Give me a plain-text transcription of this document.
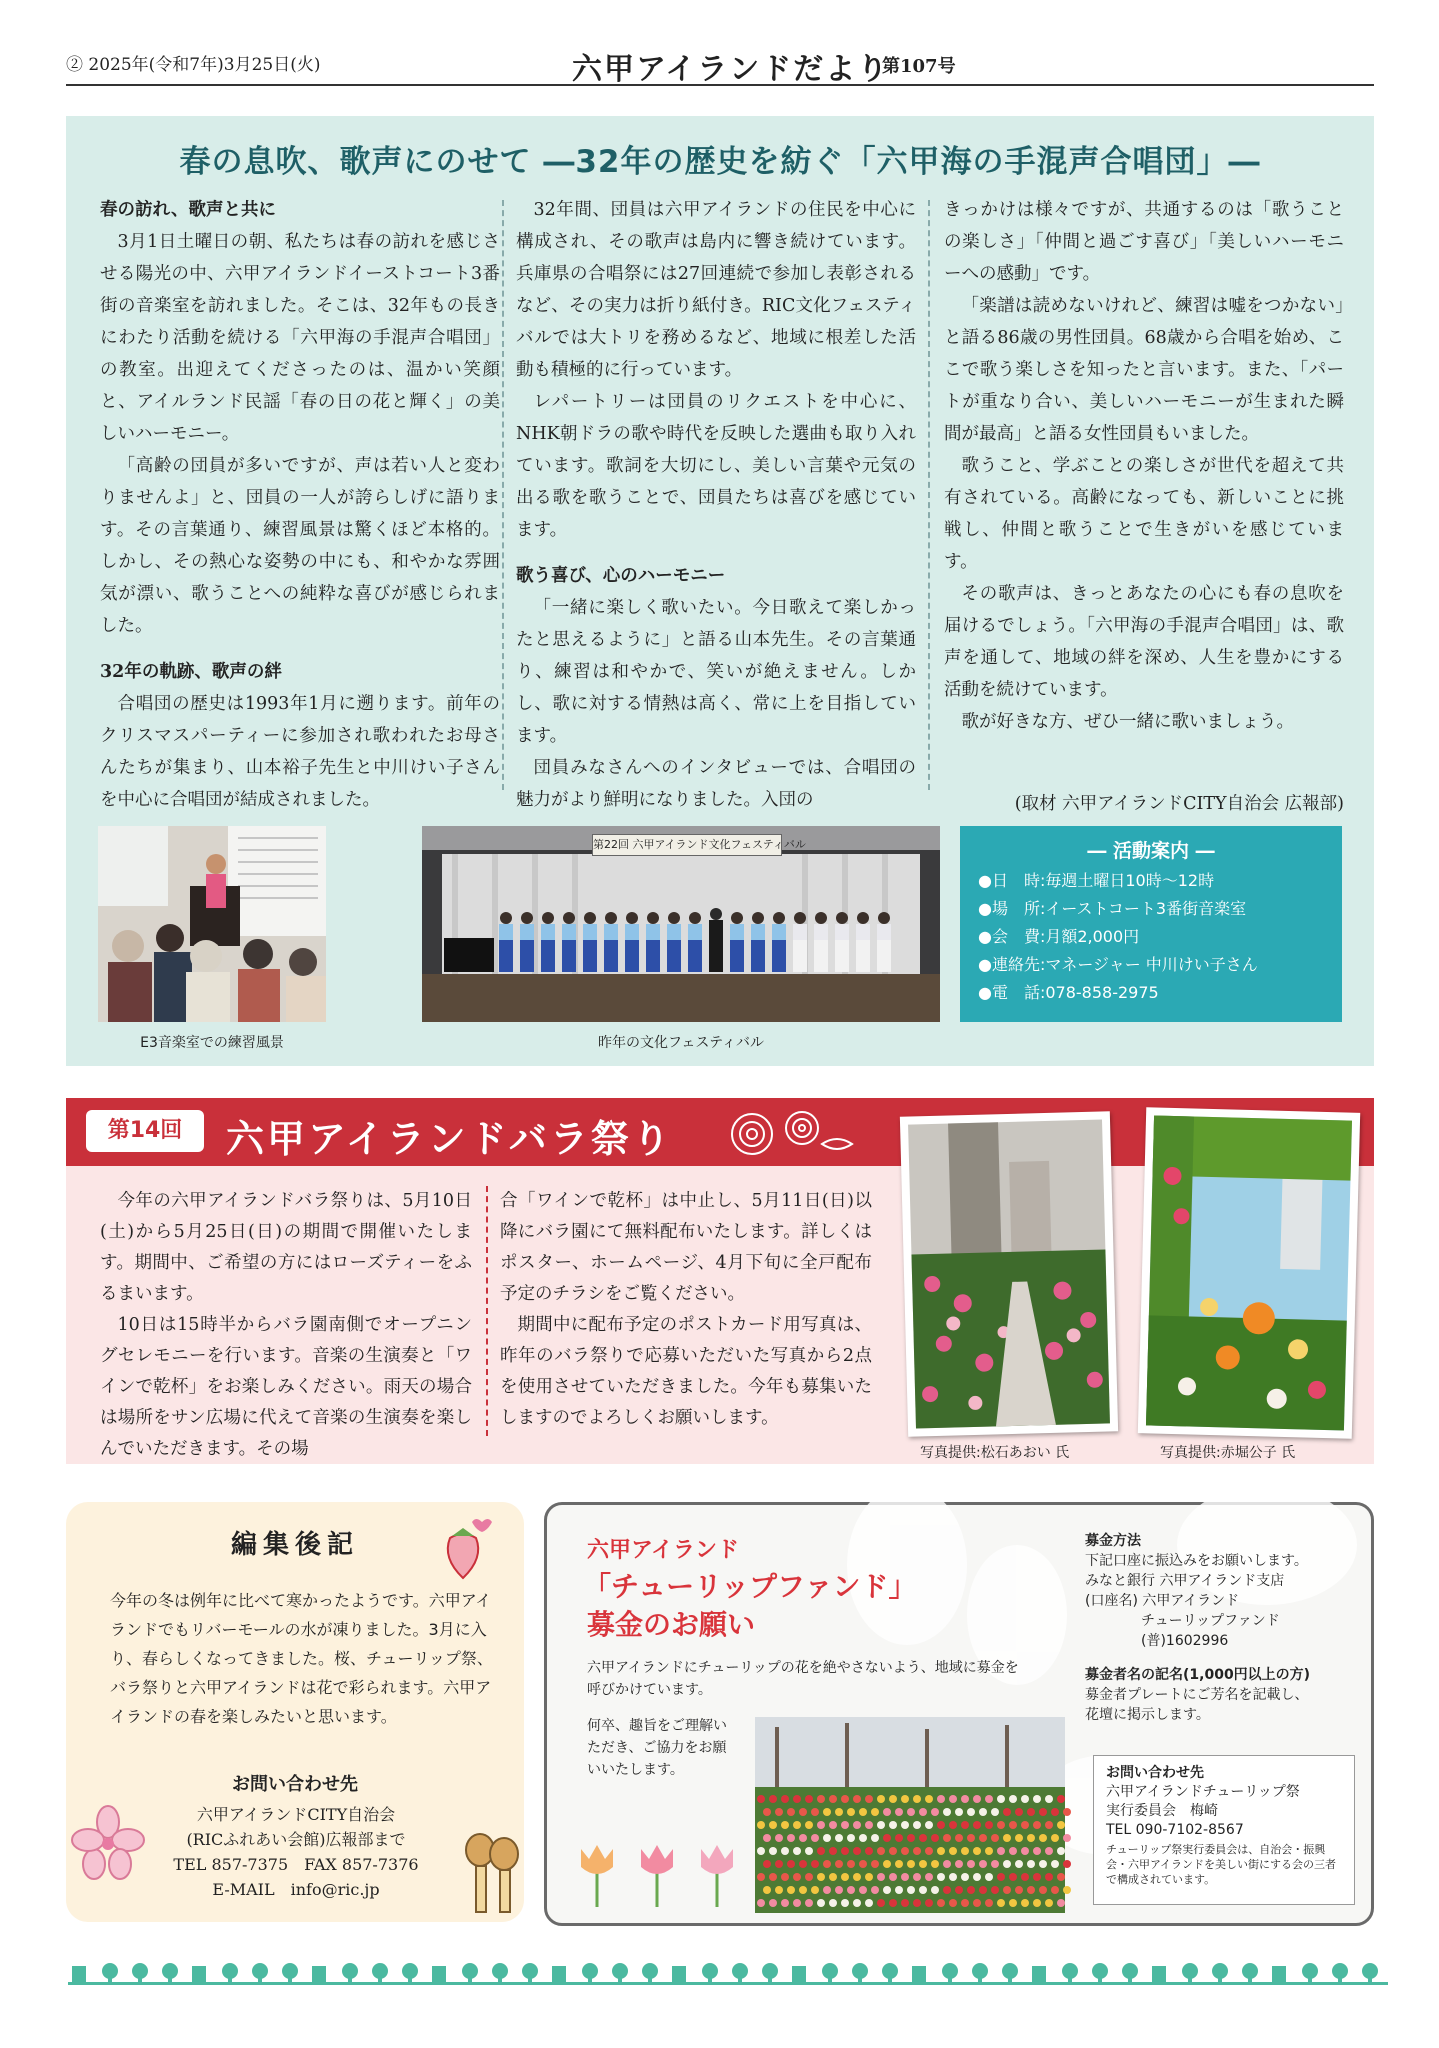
② 2025年(令和7年)3月25日(火)	六甲アイランドだより
第107号
春の息吹、歌声にのせて ―32年の歴史を紡ぐ「六甲海の手混声合唱団」―
春の訪れ、歌声と共に

3月1日土曜日の朝、私たちは春の訪れを感じさせる陽光の中、六甲アイランドイーストコート3番街の音楽室を訪れました。そこは、32年もの長きにわたり活動を続ける「六甲海の手混声合唱団」の教室。出迎えてくださったのは、温かい笑顔と、アイルランド民謡「春の日の花と輝く」の美しいハーモニー。

「高齢の団員が多いですが、声は若い人と変わりませんよ」と、団員の一人が誇らしげに語ります。その言葉通り、練習風景は驚くほど本格的。しかし、その熱心な姿勢の中にも、和やかな雰囲気が漂い、歌うことへの純粋な喜びが感じられました。

32年の軌跡、歌声の絆

合唱団の歴史は1993年1月に遡ります。前年のクリスマスパーティーに参加され歌われたお母さんたちが集まり、山本裕子先生と中川けい子さんを中心に合唱団が結成されました。

32年間、団員は六甲アイランドの住民を中心に構成され、その歌声は島内に響き続けています。兵庫県の合唱祭には27回連続で参加し表彰されるなど、その実力は折り紙付き。RIC文化フェスティバルでは大トリを務めるなど、地域に根差した活動も積極的に行っています。

レパートリーは団員のリクエストを中心に、NHK朝ドラの歌や時代を反映した選曲も取り入れています。歌詞を大切にし、美しい言葉や元気の出る歌を歌うことで、団員たちは喜びを感じています。

歌う喜び、心のハーモニー

「一緒に楽しく歌いたい。今日歌えて楽しかったと思えるように」と語る山本先生。その言葉通り、練習は和やかで、笑いが絶えません。しかし、歌に対する情熱は高く、常に上を目指しています。

団員みなさんへのインタビューでは、合唱団の魅力がより鮮明になりました。入団の

きっかけは様々ですが、共通するのは「歌うことの楽しさ」「仲間と過ごす喜び」「美しいハーモニーへの感動」です。

「楽譜は読めないけれど、練習は嘘をつかない」と語る86歳の男性団員。68歳から合唱を始め、ここで歌う楽しさを知ったと言います。また、「パートが重なり合い、美しいハーモニーが生まれた瞬間が最高」と語る女性団員もいました。

歌うこと、学ぶことの楽しさが世代を超えて共有されている。高齢になっても、新しいことに挑戦し、仲間と歌うことで生きがいを感じています。

その歌声は、きっとあなたの心にも春の息吹を届けるでしょう。「六甲海の手混声合唱団」は、歌声を通して、地域の絆を深め、人生を豊かにする活動を続けています。

歌が好きな方、ぜひ一緒に歌いましょう。

(取材 六甲アイランドCITY自治会 広報部)
E3音楽室での練習風景
第22回 六甲アイランド文化フェスティバル
昨年の文化フェスティバル
― 活動案内 ―
●日　時:毎週土曜日10時〜12時
●場　所:イーストコート3番街音楽室
●会　費:月額2,000円
●連絡先:マネージャー 中川けい子さん
●電　話:078-858-2975
第14回	六甲アイランドバラ祭り

今年の六甲アイランドバラ祭りは、5月10日(土)から5月25日(日)の期間で開催いたします。期間中、ご希望の方にはローズティーをふるまいます。

10日は15時半からバラ園南側でオープニングセレモニーを行います。音楽の生演奏と「ワインで乾杯」をお楽しみください。雨天の場合は場所をサン広場に代えて音楽の生演奏を楽しんでいただきます。その場

合「ワインで乾杯」は中止し、5月11日(日)以降にバラ園にて無料配布いたします。詳しくはポスター、ホームページ、4月下旬に全戸配布予定のチラシをご覧ください。

期間中に配布予定のポストカード用写真は、昨年のバラ祭りで応募いただいた写真から2点を使用させていただきました。今年も募集いたしますのでよろしくお願いします。

写真提供:松石あおい 氏	写真提供:赤堀公子 氏
編集後記
今年の冬は例年に比べて寒かったようです。六甲アイランドでもリバーモールの水が凍りました。3月に入り、春らしくなってきました。桜、チューリップ祭、バラ祭りと六甲アイランドは花で彩られます。六甲アイランドの春を楽しみたいと思います。
お問い合わせ先
六甲アイランドCITY自治会
(RICふれあい会館)広報部まで
TEL 857-7375　FAX 857-7376
E-MAIL　info@ric.jp
六甲アイランド
「チューリップファンド」
募金のお願い
六甲アイランドにチューリップの花を絶やさないよう、地域に募金を呼びかけています。
何卒、趣旨をご理解いただき、ご協力をお願いいたします。
募金方法
下記口座に振込みをお願いします。
みなと銀行 六甲アイランド支店
(口座名) 六甲アイランド
　　　　チューリップファンド
　　　　(普)1602996
募金者名の記名(1,000円以上の方)
募金者プレートにご芳名を記載し、
花壇に掲示します。
お問い合わせ先
六甲アイランドチューリップ祭
実行委員会　梅崎
TEL 090-7102-8567
チューリップ祭実行委員会は、自治会・振興会・六甲アイランドを美しい街にする会の三者で構成されています。
